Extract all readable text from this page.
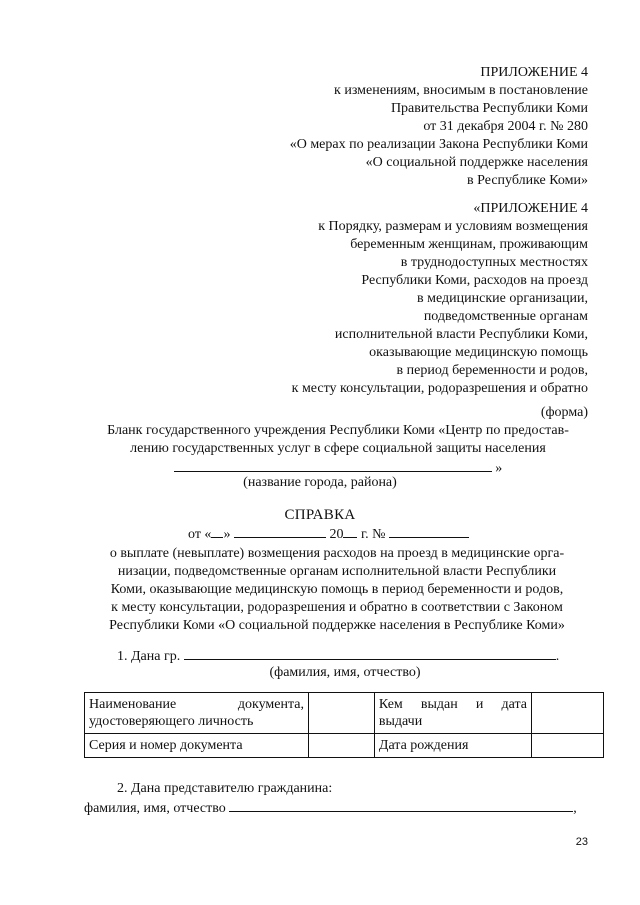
ПРИЛОЖЕНИЕ 4
к изменениям, вносимым в постановление
Правительства Республики Коми
от 31 декабря 2004 г. № 280
«О мерах по реализации Закона Республики Коми
«О социальной поддержке населения
в Республике Коми»
«ПРИЛОЖЕНИЕ 4
к Порядку, размерам и условиям возмещения
беременным женщинам, проживающим
в труднодоступных местностях
Республики Коми, расходов на проезд
в медицинские организации,
подведомственные органам
исполнительной власти Республики Коми,
оказывающие медицинскую помощь
в период беременности и родов,
к месту консультации, родоразрешения и обратно
(форма)
Бланк государственного учреждения Республики Коми «Центр по предостав-
лению государственных услуг в сфере социальной защиты населения
»
(название города, района)
СПРАВКА
от « »	20 г. №
о выплате (невыплате) возмещения расходов на проезд в медицинские орга-
низации, подведомственные органам исполнительной власти Республики
Коми, оказывающие медицинскую помощь в период беременности и родов,
к месту консультации, родоразрешения и обратно в соответствии с Законом
Республики Коми «О социальной поддержке населения в Республике Коми»
1. Дана гр.	.
(фамилия, имя, отчество)
Наименование документа, удостоверяющего личность		Кем выдан и дата выдачи	
Серия и номер документа		Дата рождения	
2. Дана представителю гражданина:
фамилия, имя, отчество	,
23
